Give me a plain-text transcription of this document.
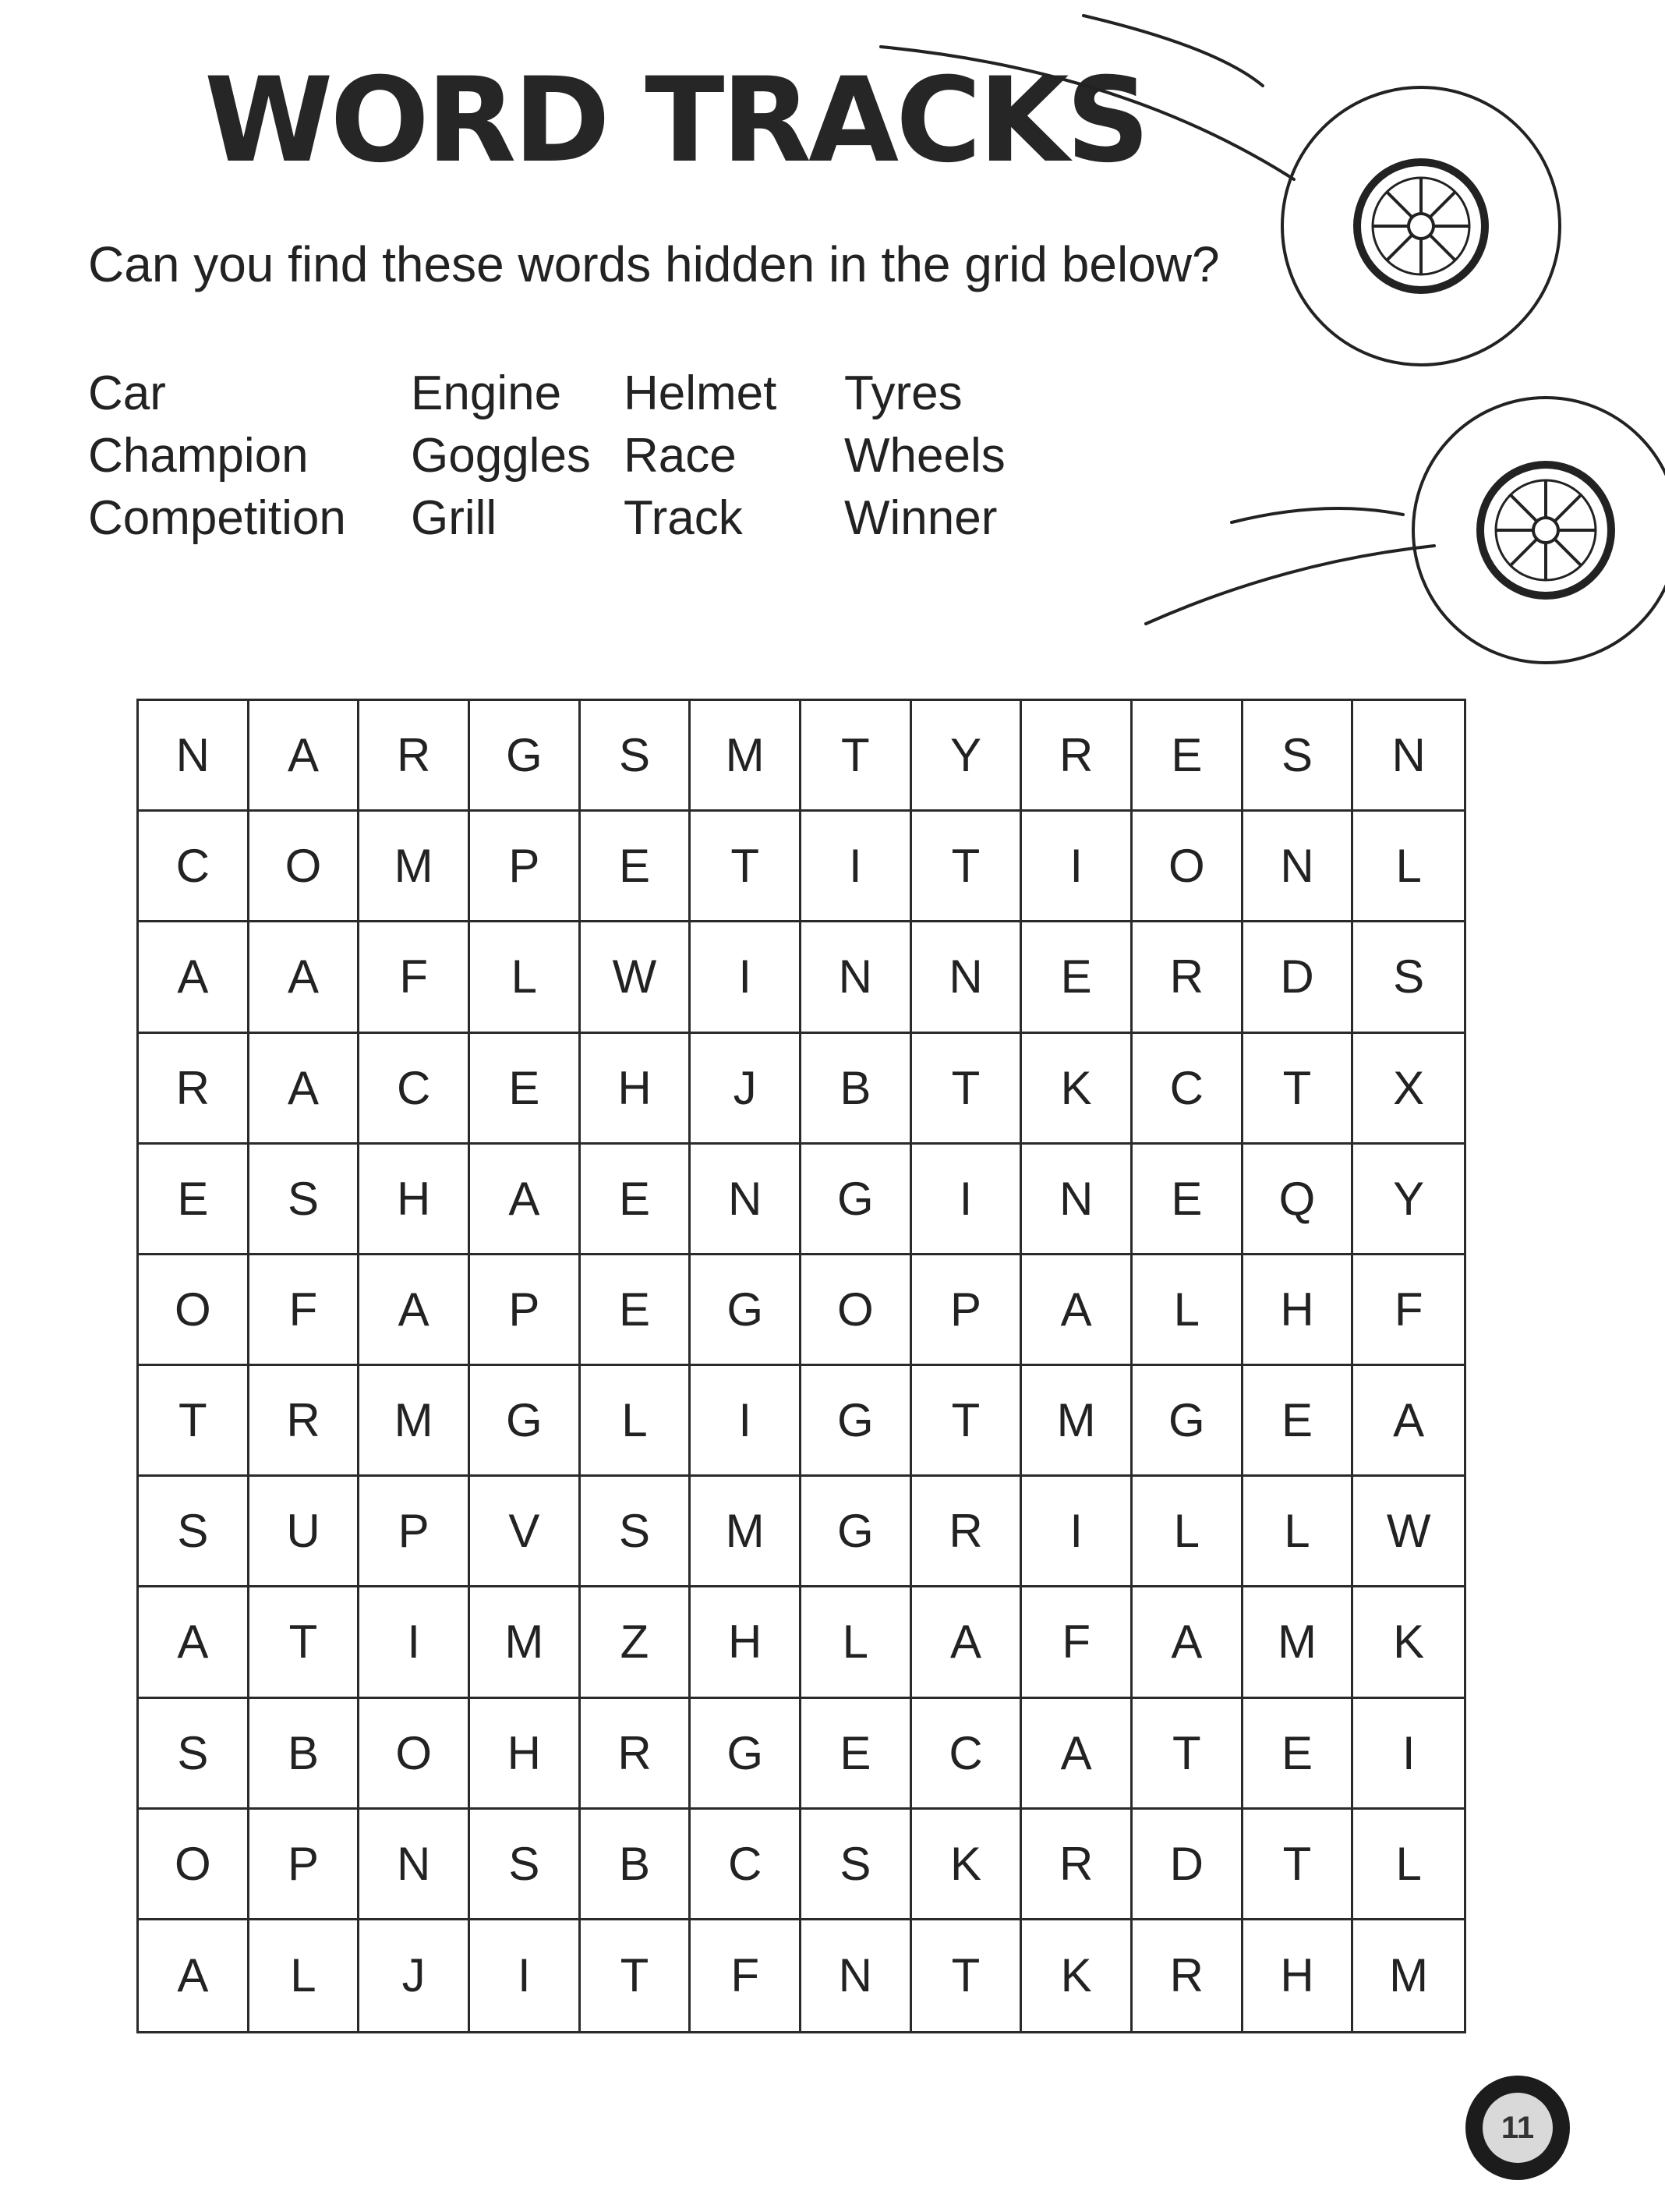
WORD TRACKS
Can you find these words hidden in the grid below?
Car
Champion
Competition
Engine
Goggles
Grill
Helmet
Race
Track
Tyres
Wheels
Winner
N	A	R	G	S	M	T	Y	R	E	S	N
C	O	M	P	E	T	I	T	I	O	N	L
A	A	F	L	W	I	N	N	E	R	D	S
R	A	C	E	H	J	B	T	K	C	T	X
E	S	H	A	E	N	G	I	N	E	Q	Y
O	F	A	P	E	G	O	P	A	L	H	F
T	R	M	G	L	I	G	T	M	G	E	A
S	U	P	V	S	M	G	R	I	L	L	W
A	T	I	M	Z	H	L	A	F	A	M	K
S	B	O	H	R	G	E	C	A	T	E	I
O	P	N	S	B	C	S	K	R	D	T	L
A	L	J	I	T	F	N	T	K	R	H	M
11
